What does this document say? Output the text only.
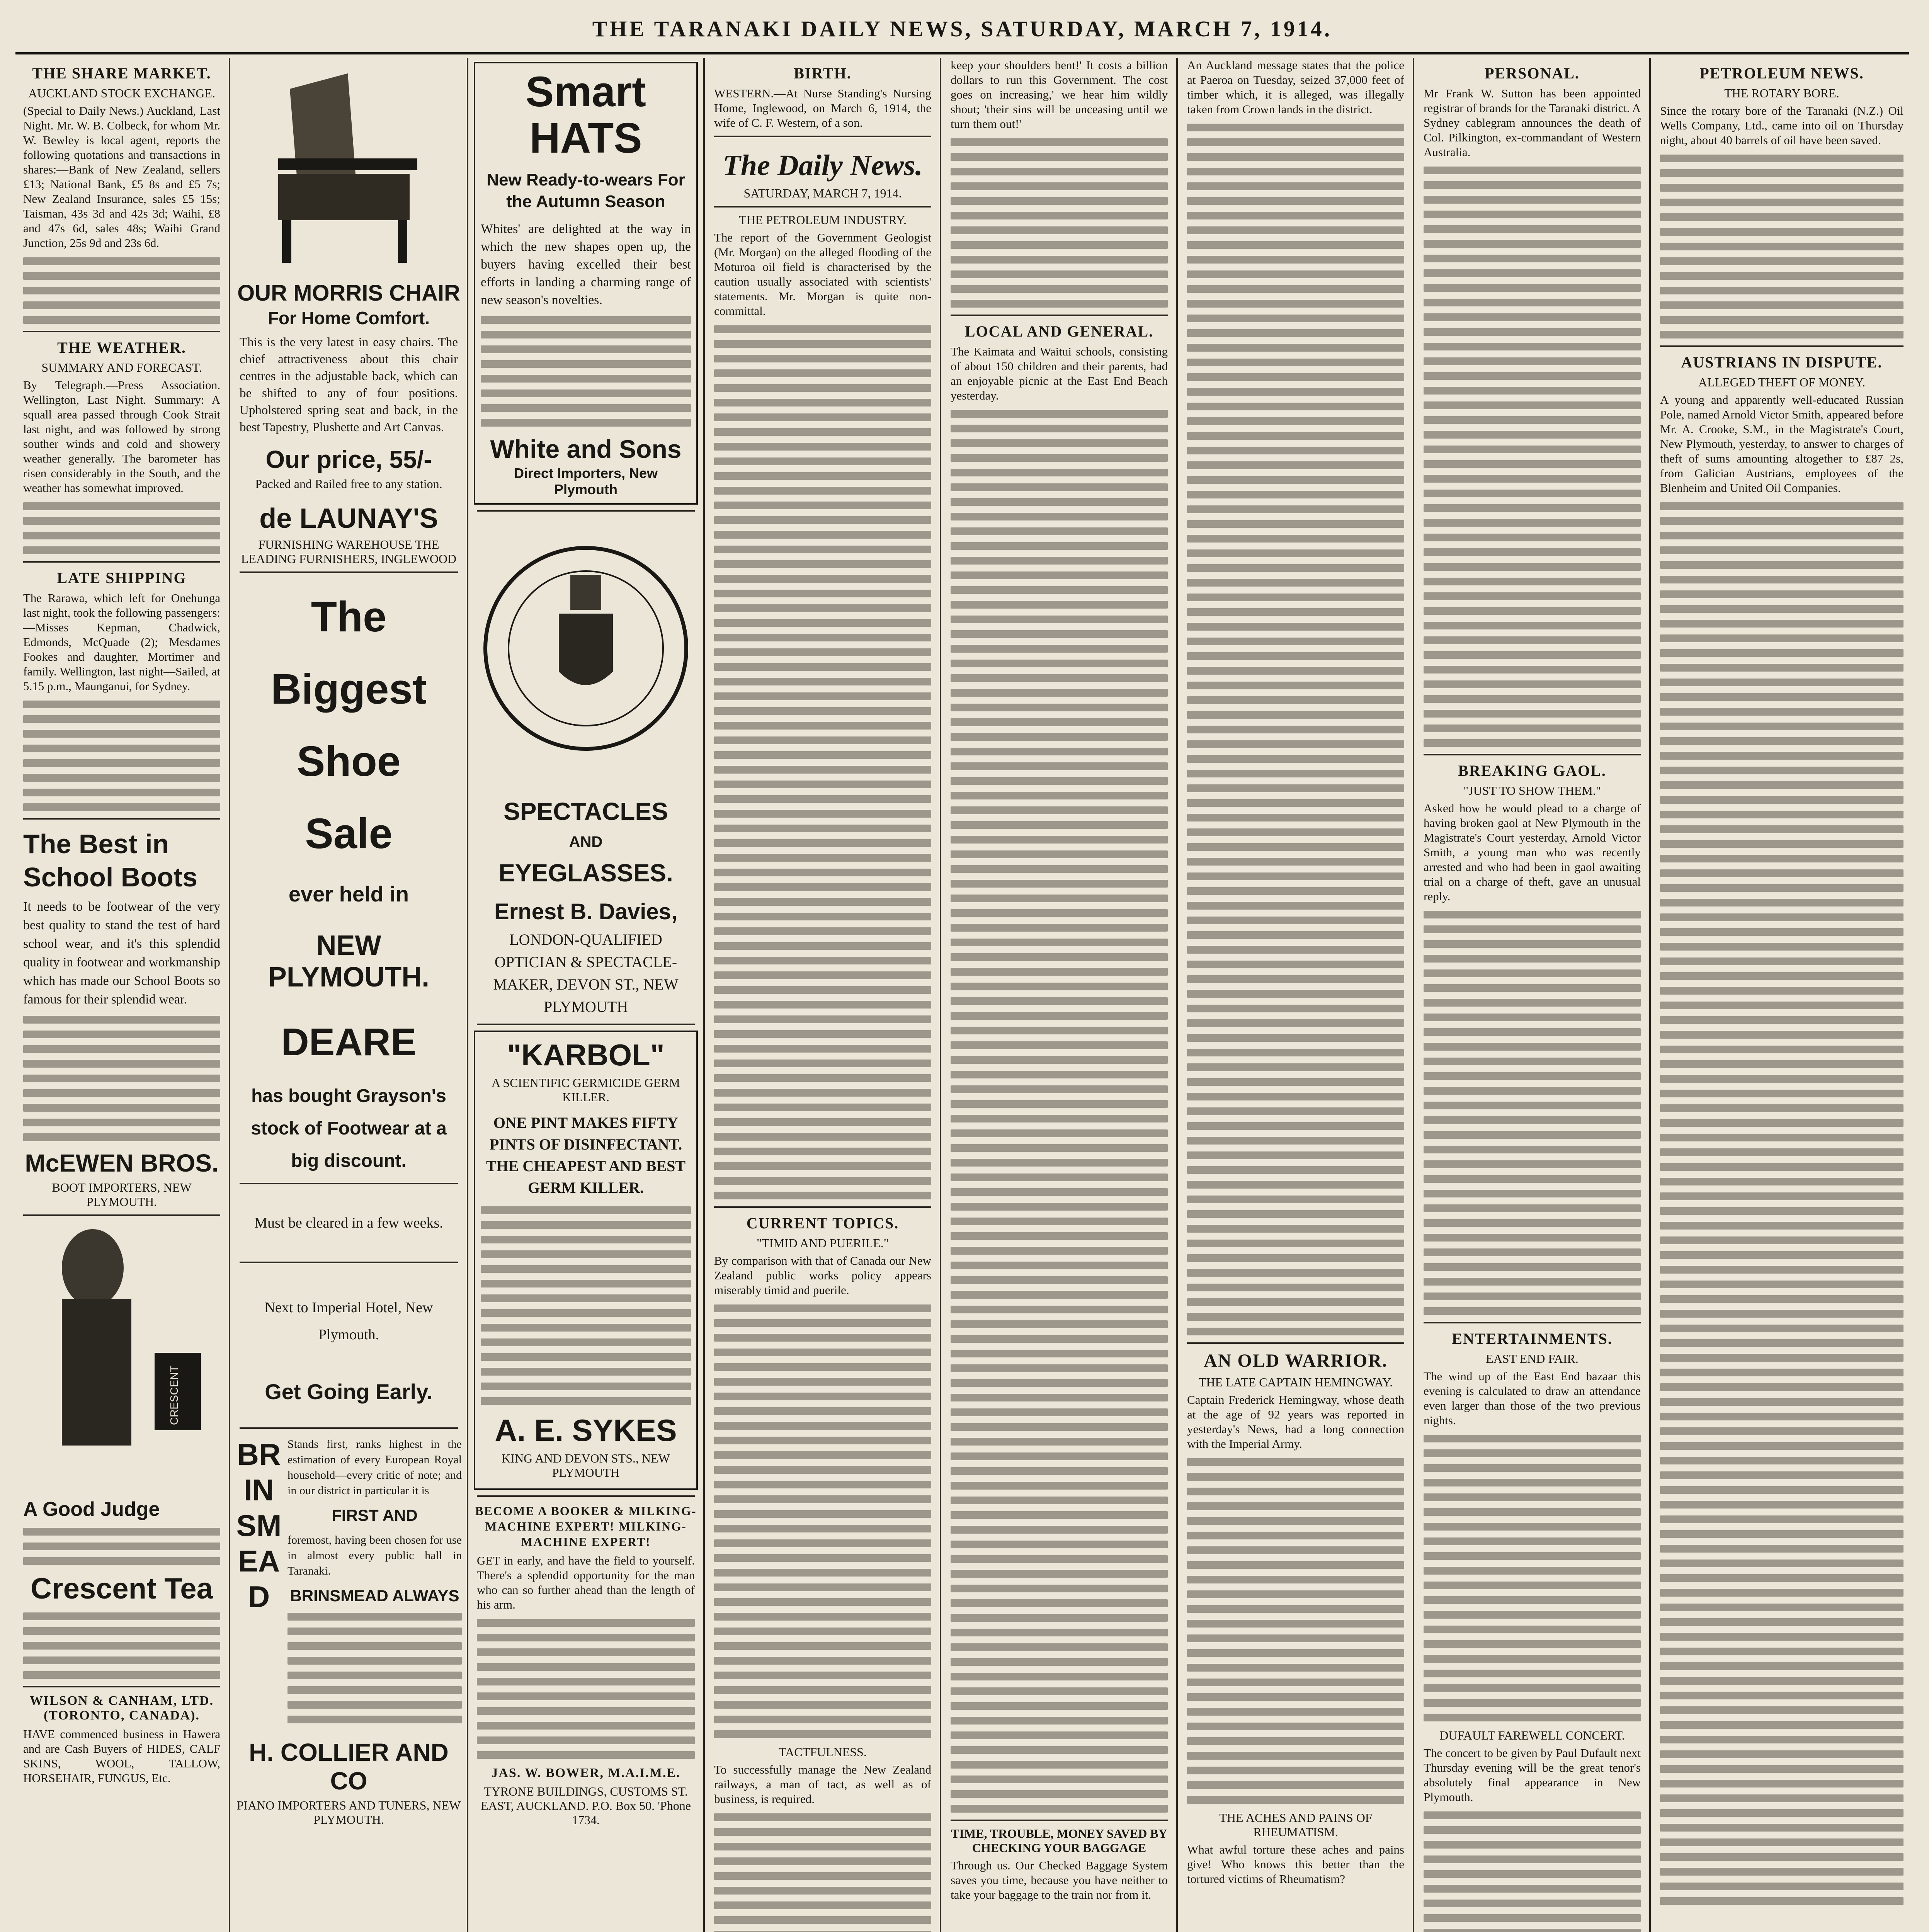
THE TARANAKI DAILY NEWS, SATURDAY, MARCH 7, 1914.
THE SHARE MARKET.
AUCKLAND STOCK EXCHANGE.
(Special to Daily News.) Auckland, Last Night. Mr. W. B. Colbeck, for whom Mr. W. Bewley is local agent, reports the following quotations and transactions in shares:—Bank of New Zealand, sellers £13; National Bank, £5 8s and £5 7s; New Zealand Insurance, sales £5 15s; Taisman, 43s 3d and 42s 3d; Waihi, £8 and 47s 6d, sales 48s; Waihi Grand Junction, 25s 9d and 23s 6d.
THE WEATHER.
SUMMARY AND FORECAST.
By Telegraph.—Press Association. Wellington, Last Night. Summary: A squall area passed through Cook Strait last night, and was followed by strong souther winds and cold and showery weather generally. The barometer has risen considerably in the South, and the weather has somewhat improved.
LATE SHIPPING
The Rarawa, which left for Onehunga last night, took the following passengers:—Misses Kepman, Chadwick, Edmonds, McQuade (2); Mesdames Fookes and daughter, Mortimer and family. Wellington, last night—Sailed, at 5.15 p.m., Maunganui, for Sydney.
The Best in School Boots
It needs to be footwear of the very best quality to stand the test of hard school wear, and it's this splendid quality in footwear and workmanship which has made our School Boots so famous for their splendid wear.
McEWEN BROS.
BOOT IMPORTERS, NEW PLYMOUTH.
CRESCENT
A Good Judge
Crescent Tea
WILSON & CANHAM, LTD. (TORONTO, CANADA).
HAVE commenced business in Hawera and are Cash Buyers of HIDES, CALF SKINS, WOOL, TALLOW, HORSEHAIR, FUNGUS, Etc.
OUR MORRIS CHAIR
For Home Comfort.
This is the very latest in easy chairs. The chief attractiveness about this chair centres in the adjustable back, which can be shifted to any of four positions. Upholstered spring seat and back, in the best Tapestry, Plushette and Art Canvas.
Our price, 55/-
Packed and Railed free to any station.
de LAUNAY'S
FURNISHING WAREHOUSE THE LEADING FURNISHERS, INGLEWOOD
The
Biggest
Shoe
Sale
ever held in
NEW PLYMOUTH.
DEARE
has bought Grayson's stock of Footwear at a big discount.
Must be cleared in a few weeks.
Next to Imperial Hotel, New Plymouth.
Get Going Early.
BRINSMEAD
Stands first, ranks highest in the estimation of every European Royal household—every critic of note; and in our district in particular it is
FIRST AND
foremost, having been chosen for use in almost every public hall in Taranaki.
BRINSMEAD ALWAYS
H. COLLIER AND CO
PIANO IMPORTERS AND TUNERS, NEW PLYMOUTH.
Smart
HATS
New Ready-to-wears For the Autumn Season
Whites' are delighted at the way in which the new shapes open up, the buyers having excelled their best efforts in landing a charming range of new season's novelties.
White and Sons
Direct Importers, New Plymouth
SPECTACLES
AND
EYEGLASSES.
Ernest B. Davies,
LONDON-QUALIFIED OPTICIAN & SPECTACLE-MAKER, DEVON ST., NEW PLYMOUTH
"KARBOL"
A SCIENTIFIC GERMICIDE GERM KILLER.
ONE PINT MAKES FIFTY PINTS OF DISINFECTANT. THE CHEAPEST AND BEST GERM KILLER.
A. E. SYKES
KING AND DEVON STS., NEW PLYMOUTH
BECOME A BOOKER & MILKING-MACHINE EXPERT! MILKING-MACHINE EXPERT!
GET in early, and have the field to yourself. There's a splendid opportunity for the man who can so further ahead than the length of his arm.
JAS. W. BOWER, M.A.I.M.E.
TYRONE BUILDINGS, CUSTOMS ST. EAST, AUCKLAND. P.O. Box 50. 'Phone 1734.
BIRTH.
WESTERN.—At Nurse Standing's Nursing Home, Inglewood, on March 6, 1914, the wife of C. F. Western, of a son.
The Daily News.
SATURDAY, MARCH 7, 1914.
THE PETROLEUM INDUSTRY.
The report of the Government Geologist (Mr. Morgan) on the alleged flooding of the Moturoa oil field is characterised by the caution usually associated with scientists' statements. Mr. Morgan is quite non-committal.
CURRENT TOPICS.
"TIMID AND PUERILE."
By comparison with that of Canada our New Zealand public works policy appears miserably timid and puerile.
TACTFULNESS.
To successfully manage the New Zealand railways, a man of tact, as well as of business, is required.
keep your shoulders bent!' It costs a billion dollars to run this Government. The cost goes on increasing,' we hear him wildly shout; 'their sins will be unceasing until we turn them out!'
LOCAL AND GENERAL.
The Kaimata and Waitui schools, consisting of about 150 children and their parents, had an enjoyable picnic at the East End Beach yesterday.
TIME, TROUBLE, MONEY SAVED BY CHECKING YOUR BAGGAGE
Through us. Our Checked Baggage System saves you time, because you have neither to take your baggage to the train nor from it.
An Auckland message states that the police at Paeroa on Tuesday, seized 37,000 feet of timber which, it is alleged, was illegally taken from Crown lands in the district.
AN OLD WARRIOR.
THE LATE CAPTAIN HEMINGWAY.
Captain Frederick Hemingway, whose death at the age of 92 years was reported in yesterday's News, had a long connection with the Imperial Army.
THE ACHES AND PAINS OF RHEUMATISM.
What awful torture these aches and pains give! Who knows this better than the tortured victims of Rheumatism?
PERSONAL.
Mr Frank W. Sutton has been appointed registrar of brands for the Taranaki district. A Sydney cablegram announces the death of Col. Pilkington, ex-commandant of Western Australia.
BREAKING GAOL.
"JUST TO SHOW THEM."
Asked how he would plead to a charge of having broken gaol at New Plymouth in the Magistrate's Court yesterday, Arnold Victor Smith, a young man who was recently arrested and who had been in gaol awaiting trial on a charge of theft, gave an unusual reply.
ENTERTAINMENTS.
EAST END FAIR.
The wind up of the East End bazaar this evening is calculated to draw an attendance even larger than those of the two previous nights.
DUFAULT FAREWELL CONCERT.
The concert to be given by Paul Dufault next Thursday evening will be the great tenor's absolutely final appearance in New Plymouth.
PETROLEUM NEWS.
THE ROTARY BORE.
Since the rotary bore of the Taranaki (N.Z.) Oil Wells Company, Ltd., came into oil on Thursday night, about 40 barrels of oil have been saved.
AUSTRIANS IN DISPUTE.
ALLEGED THEFT OF MONEY.
A young and apparently well-educated Russian Pole, named Arnold Victor Smith, appeared before Mr. A. Crooke, S.M., in the Magistrate's Court, New Plymouth, yesterday, to answer to charges of theft of sums amounting altogether to £87 2s, from Galician Austrians, employees of the Blenheim and United Oil Companies.
